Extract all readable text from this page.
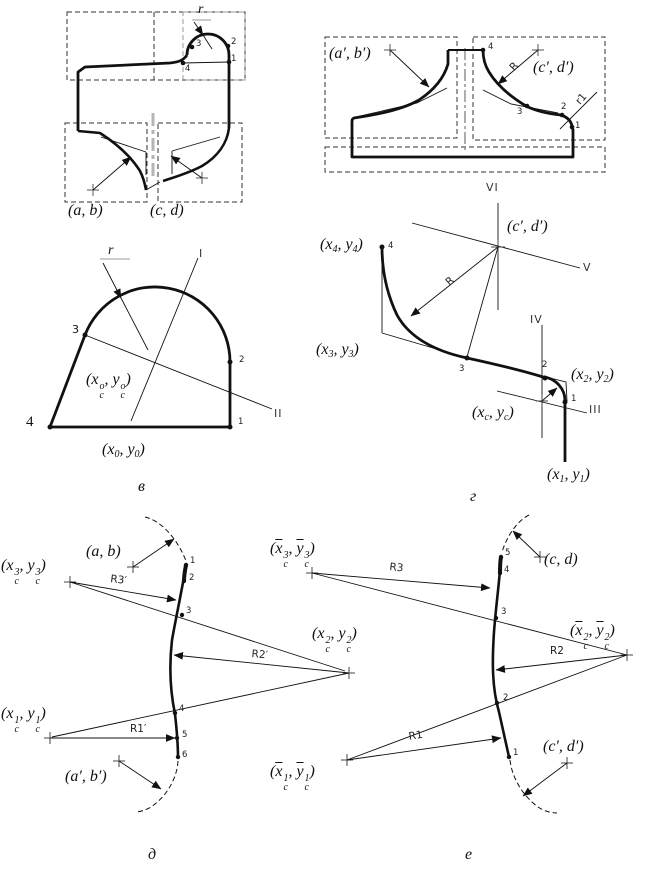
r
1
2
3
4
(a, b)	(c, d)
(a′, b′)
(c′, d′)
R
r1
4
3	2
1
r	I
II
(x o
c
, y o
c
)
(x0, y0)
4
3
2
1
в
VI
V
IV
III
R
(c′, d′)
(x4, y4)
(x3, y3)
(x2, y2)
(x1, y1)
(xc, yc)
4
3	2
1
г
(a, b)
(a′, b′)
R3′
R2′
R1′
(x 3
c
, y 3
c
)
(x 2
c
, y 2
c
)
(x 1
c
, y 1
c
)
1
2
3
4
5
6
д
(c, d)
(c′, d′)
R3
R2
R1
($\overline{x}$ 3
c
, $\overline{y}$ 3
c
)
($\overline{x}$ 2
c
, $\overline{y}$ 2
c
)
($\overline{x}$ 1
c
, $\overline{y}$ 1
c
)
5
4
3
2
1
е
